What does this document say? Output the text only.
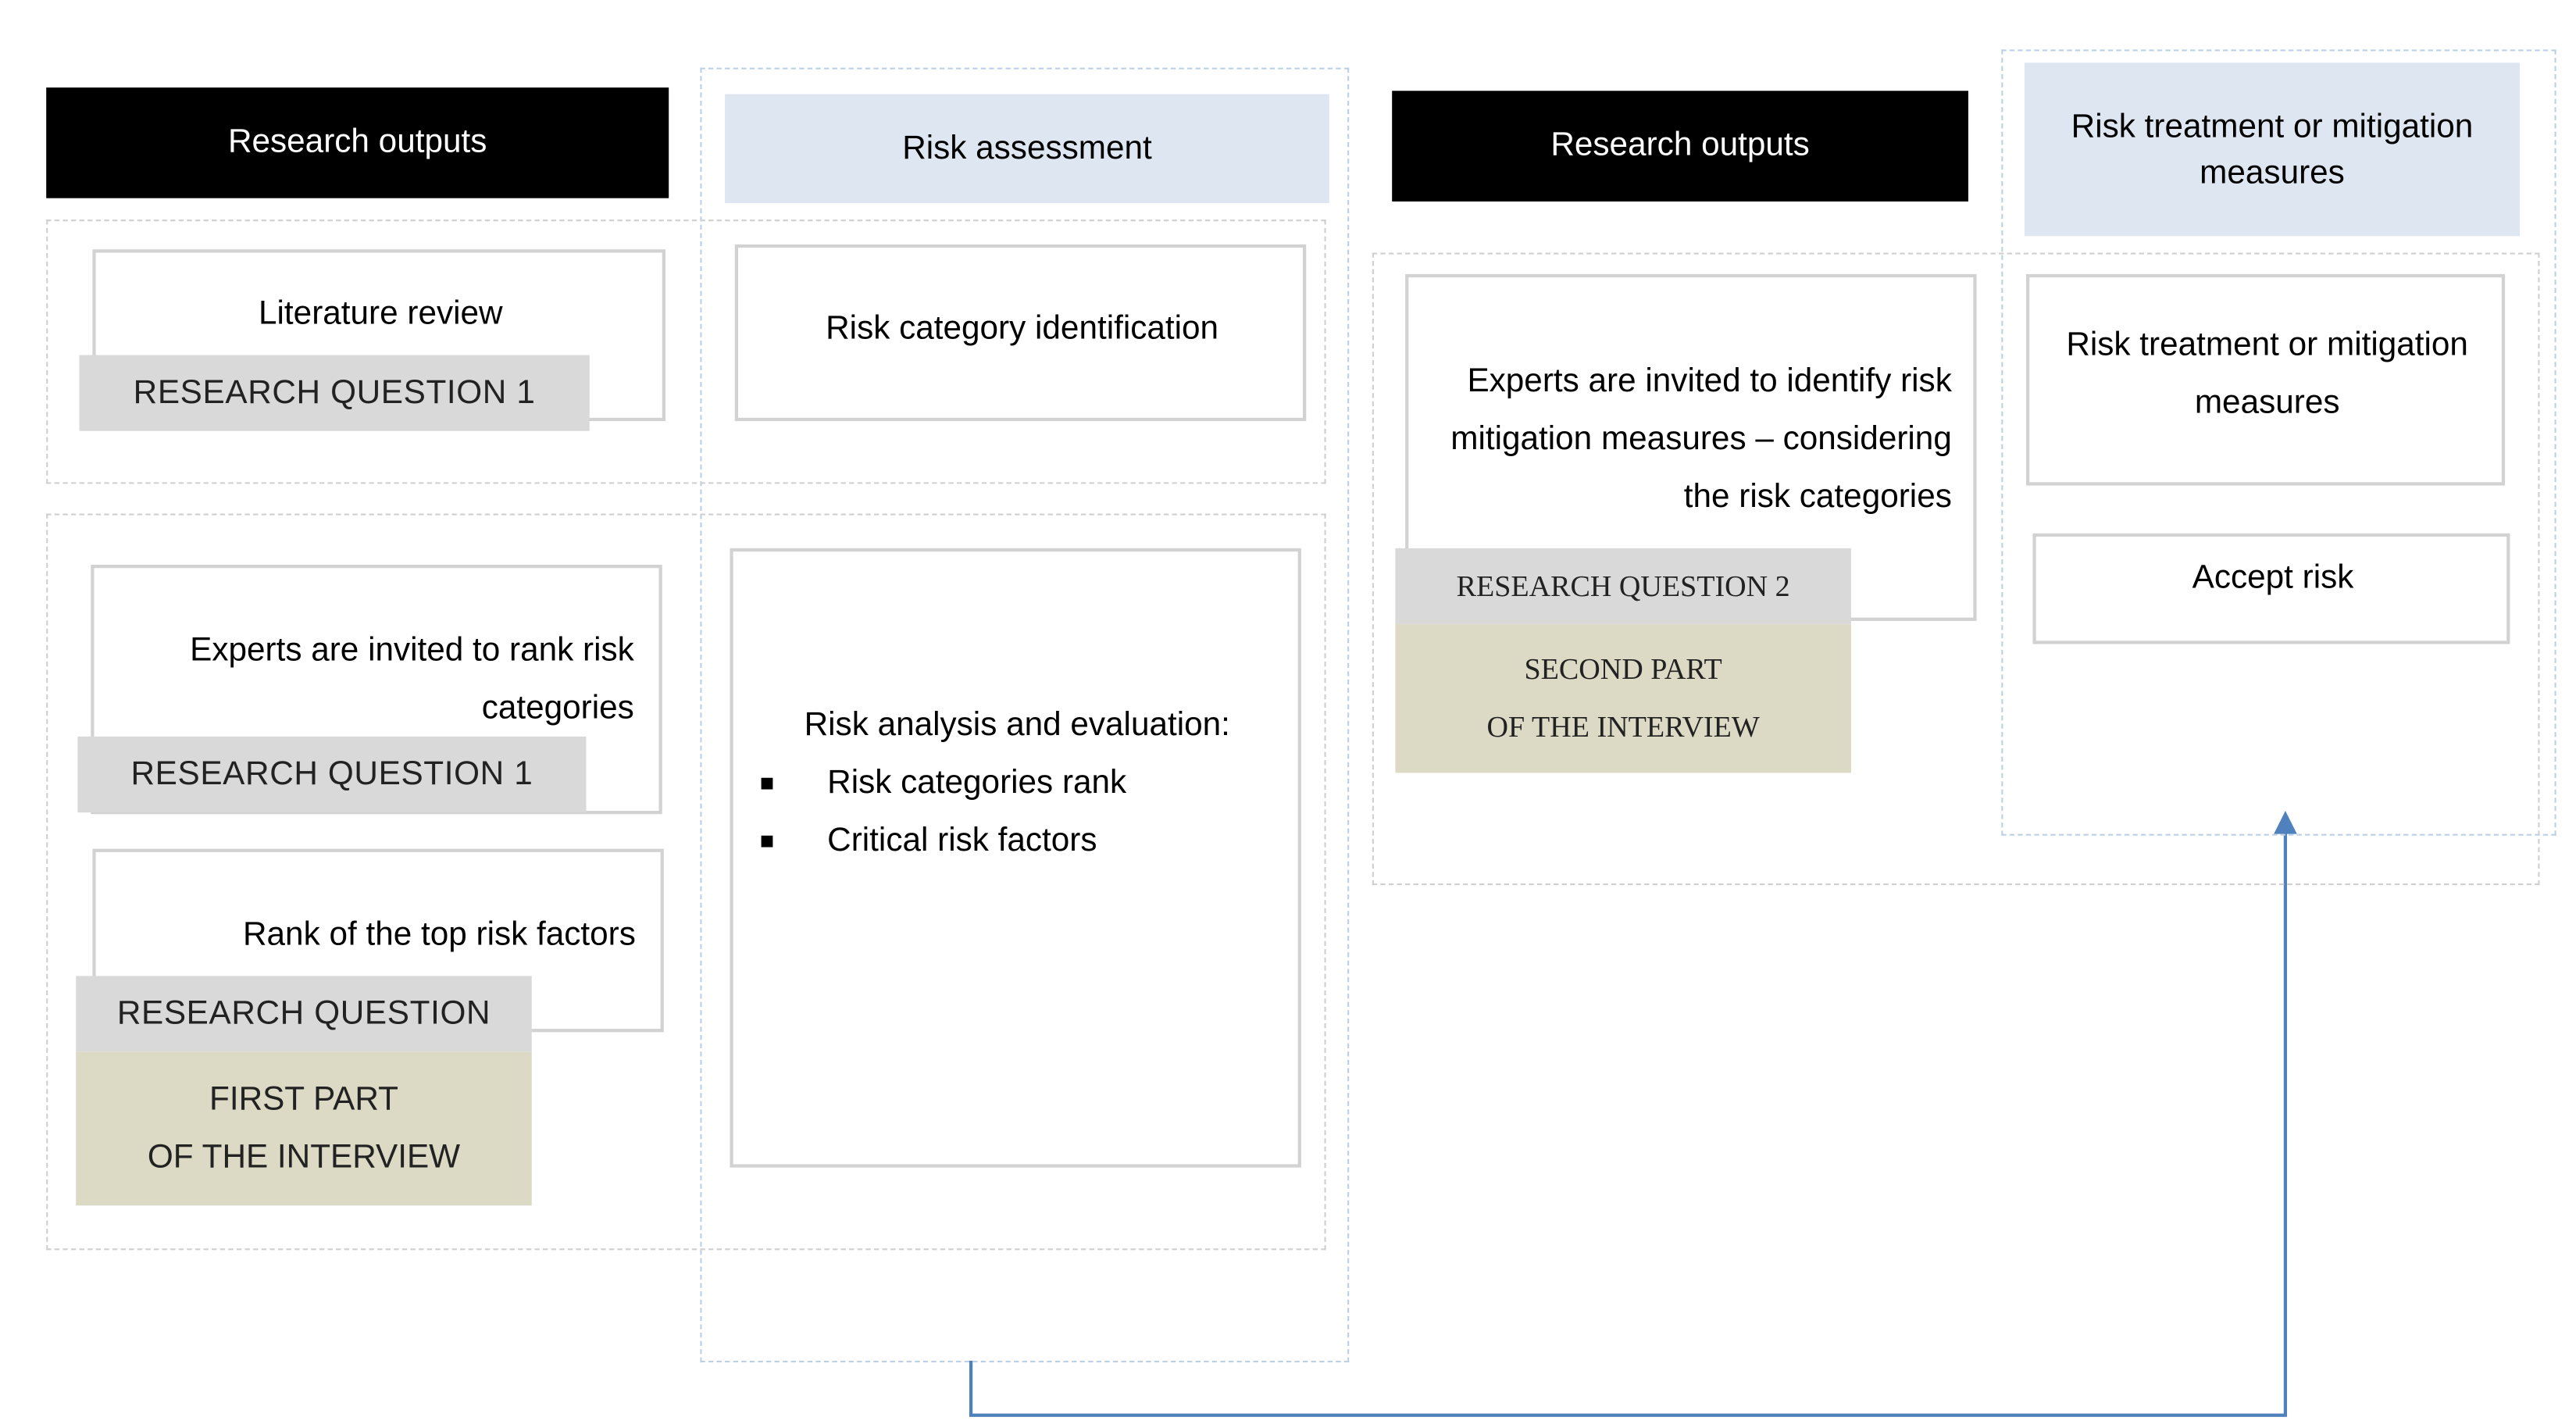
Research outputs
Literature review
RESEARCH QUESTION 1
Experts are invited to rank risk categories
RESEARCH QUESTION 1
Rank of the top risk factors
RESEARCH QUESTION
FIRST PART
OF THE INTERVIEW
Risk assessment
Risk category identification
Risk analysis and evaluation:
Risk categories rank
Critical risk factors
Research outputs
Experts are invited to identify risk mitigation measures – considering the risk categories
RESEARCH QUESTION 2
SECOND PART
OF THE INTERVIEW
Risk treatment or mitigation measures
Risk treatment or mitigation measures
Accept risk
